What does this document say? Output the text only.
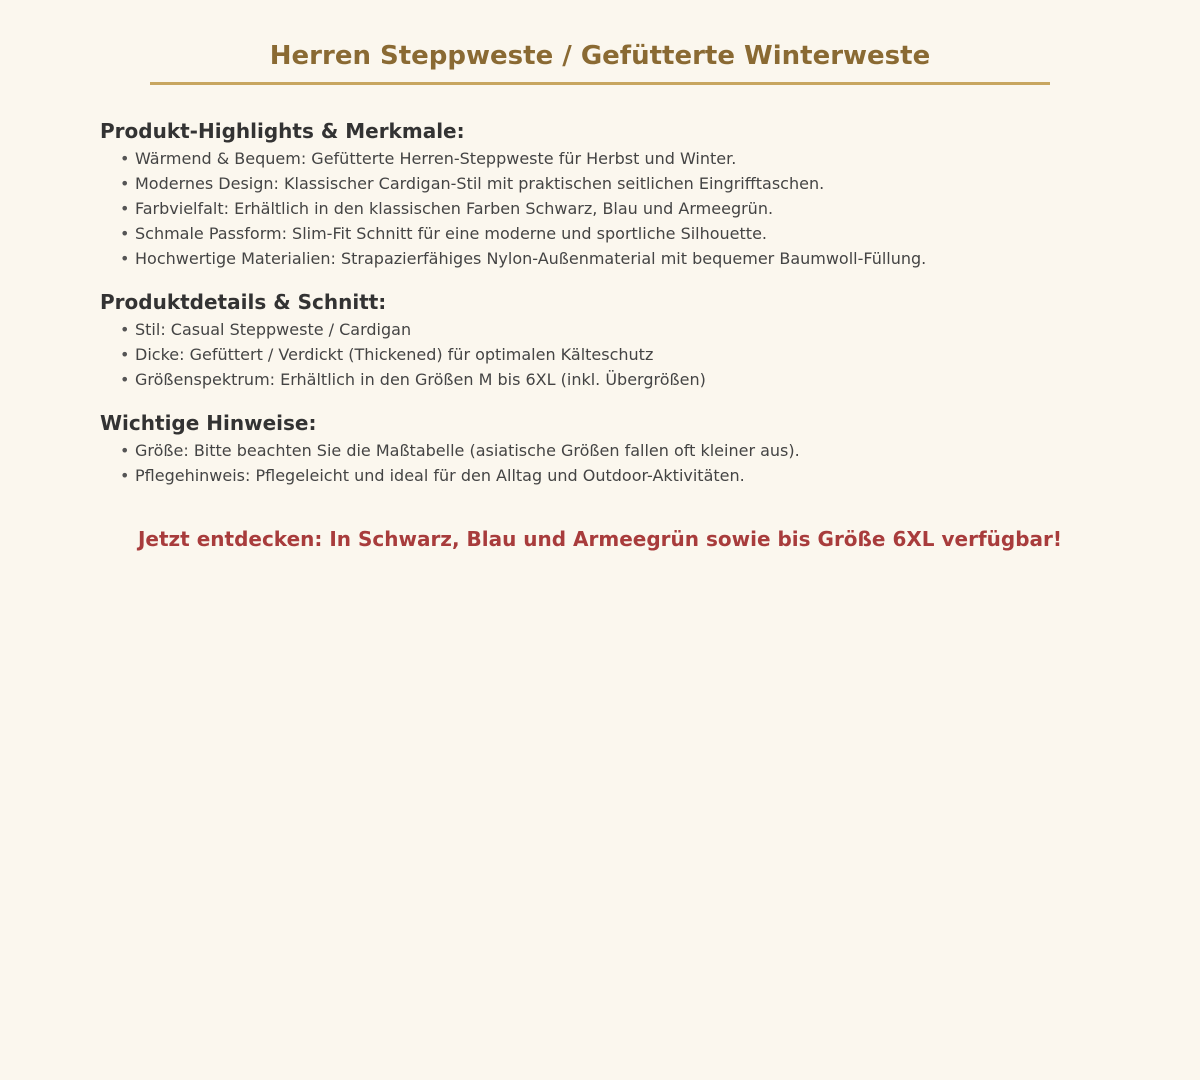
Herren Steppweste / Gefütterte Winterweste
Produkt-Highlights & Merkmale:
• Wärmend & Bequem: Gefütterte Herren-Steppweste für Herbst und Winter.
• Modernes Design: Klassischer Cardigan-Stil mit praktischen seitlichen Eingrifftaschen.
• Farbvielfalt: Erhältlich in den klassischen Farben Schwarz, Blau und Armeegrün.
• Schmale Passform: Slim-Fit Schnitt für eine moderne und sportliche Silhouette.
• Hochwertige Materialien: Strapazierfähiges Nylon-Außenmaterial mit bequemer Baumwoll-Füllung.
Produktdetails & Schnitt:
• Stil: Casual Steppweste / Cardigan
• Dicke: Gefüttert / Verdickt (Thickened) für optimalen Kälteschutz
• Größenspektrum: Erhältlich in den Größen M bis 6XL (inkl. Übergrößen)
Wichtige Hinweise:
• Größe: Bitte beachten Sie die Maßtabelle (asiatische Größen fallen oft kleiner aus).
• Pflegehinweis: Pflegeleicht und ideal für den Alltag und Outdoor-Aktivitäten.

Jetzt entdecken: In Schwarz, Blau und Armeegrün sowie bis Größe 6XL verfügbar!
